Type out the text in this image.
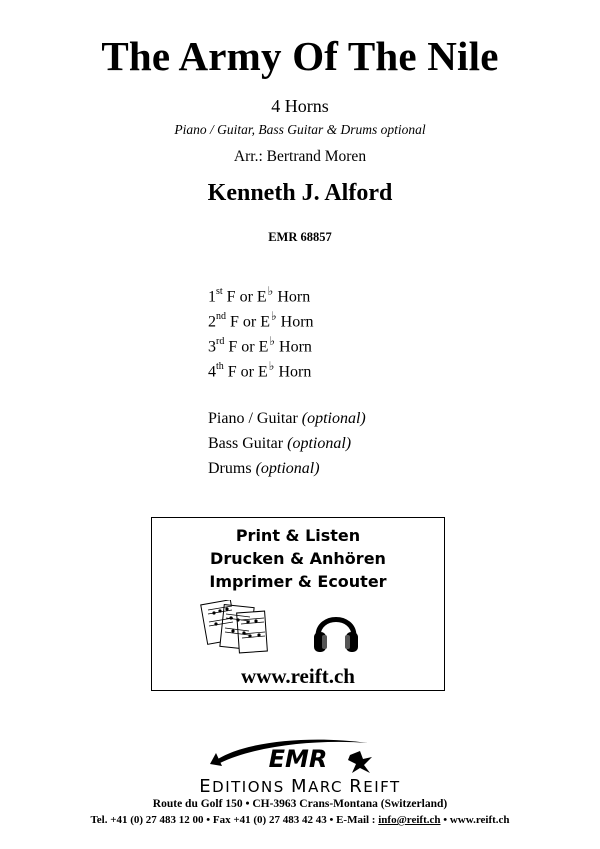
The Army Of The Nile
4 Horns
Piano / Guitar, Bass Guitar & Drums optional
Arr.: Bertrand Moren
Kenneth J. Alford
EMR 68857
1st F or E♭ Horn
2nd F or E♭ Horn
3rd F or E♭ Horn
4th F or E♭ Horn
Piano / Guitar (optional)
Bass Guitar (optional)
Drums (optional)
Print & Listen
Drucken & Anhören
Imprimer & Ecouter
www.reift.ch
EMR
EDITIONS MARC REIFT
Route du Golf 150 • CH-3963 Crans-Montana (Switzerland)
Tel. +41 (0) 27 483 12 00 • Fax +41 (0) 27 483 42 43 • E-Mail : info@reift.ch • www.reift.ch
